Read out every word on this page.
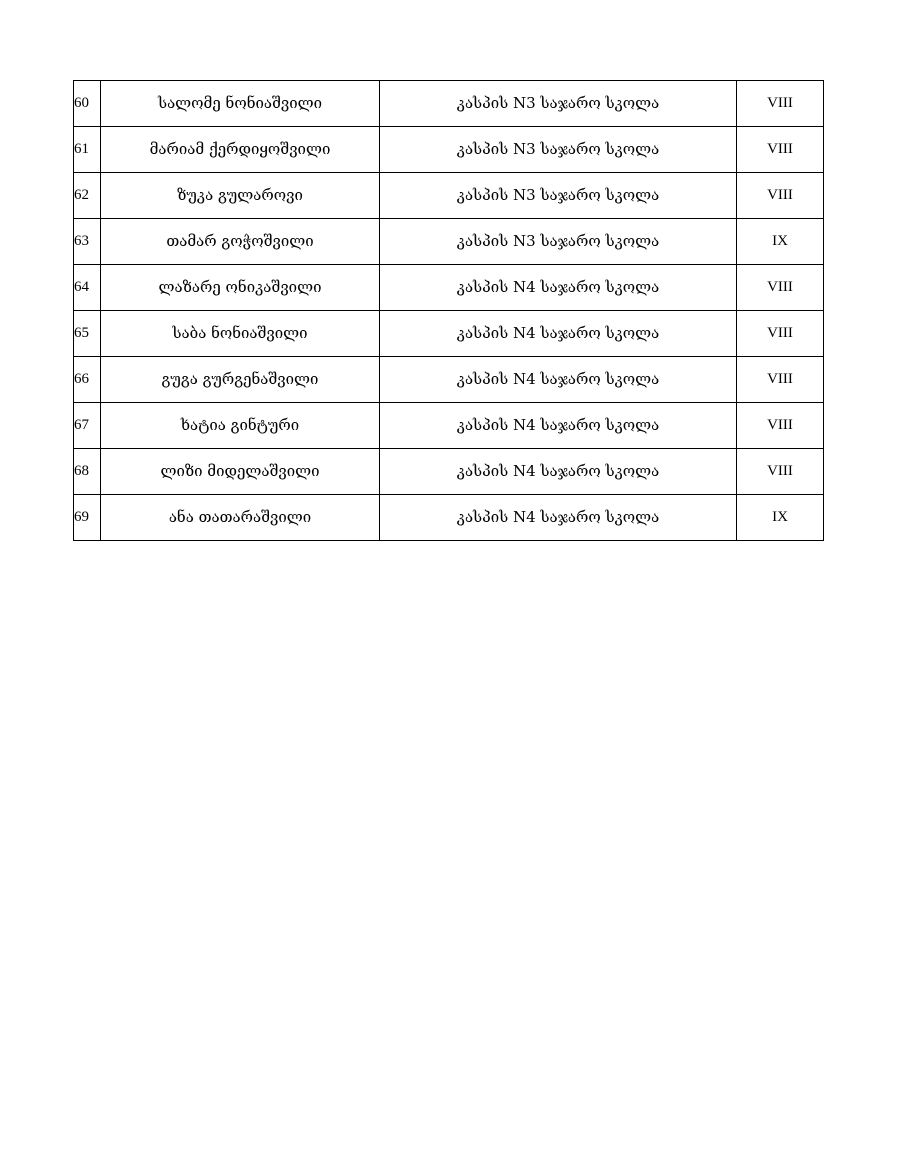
60	სალომე ნონიაშვილი	კასპის N3 საჯარო სკოლა	VIII
61	მარიამ ქერდიყოშვილი	კასპის N3 საჯარო სკოლა	VIII
62	ზუკა გულაროვი	კასპის N3 საჯარო სკოლა	VIII
63	თამარ გოჭოშვილი	კასპის N3 საჯარო სკოლა	IX
64	ლაზარე ონიკაშვილი	კასპის N4 საჯარო სკოლა	VIII
65	საბა ნონიაშვილი	კასპის N4 საჯარო სკოლა	VIII
66	გუგა გურგენაშვილი	კასპის N4 საჯარო სკოლა	VIII
67	ხატია გინტური	კასპის N4 საჯარო სკოლა	VIII
68	ლიზი მიდელაშვილი	კასპის N4 საჯარო სკოლა	VIII
69	ანა თათარაშვილი	კასპის N4 საჯარო სკოლა	IX
